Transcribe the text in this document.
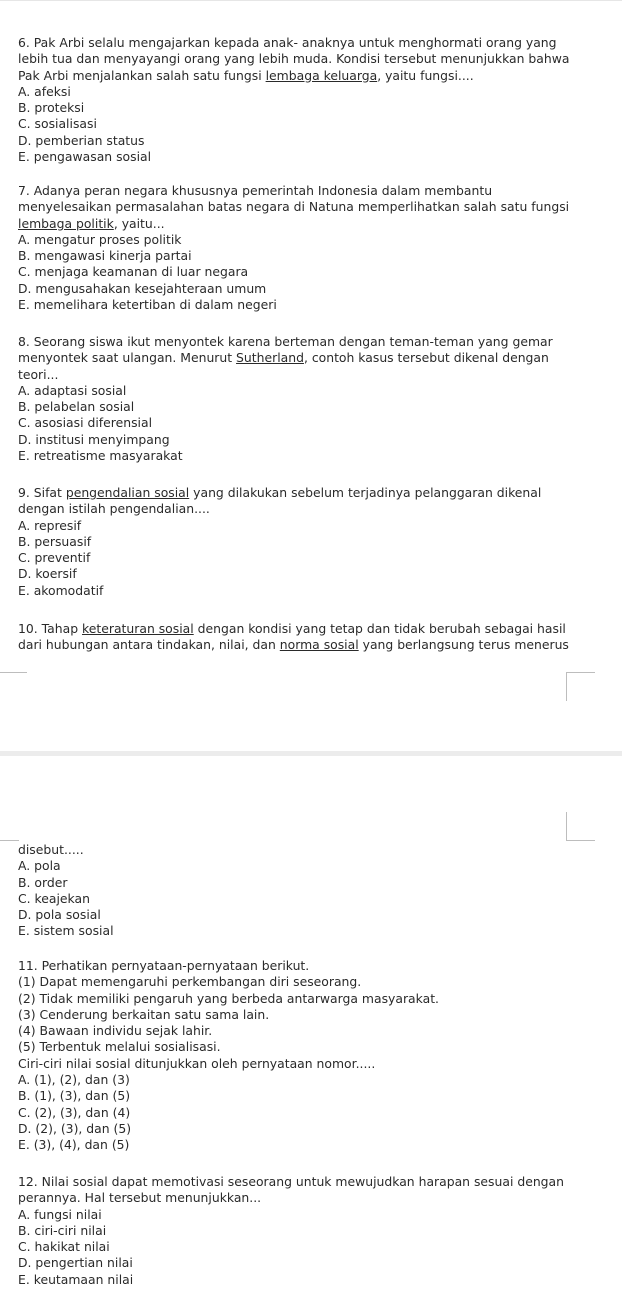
6. Pak Arbi selalu mengajarkan kepada anak- anaknya untuk menghormati orang yang
lebih tua dan menyayangi orang yang lebih muda. Kondisi tersebut menunjukkan bahwa
Pak Arbi menjalankan salah satu fungsi lembaga keluarga, yaitu fungsi....

A. afeksi

B. proteksi

C. sosialisasi

D. pemberian status

E. pengawasan sosial

7. Adanya peran negara khususnya pemerintah Indonesia dalam membantu
menyelesaikan permasalahan batas negara di Natuna memperlihatkan salah satu fungsi
lembaga politik, yaitu...

A. mengatur proses politik

B. mengawasi kinerja partai

C. menjaga keamanan di luar negara

D. mengusahakan kesejahteraan umum

E. memelihara ketertiban di dalam negeri

8. Seorang siswa ikut menyontek karena berteman dengan teman-teman yang gemar
menyontek saat ulangan. Menurut Sutherland, contoh kasus tersebut dikenal dengan
teori...

A. adaptasi sosial

B. pelabelan sosial

C. asosiasi diferensial

D. institusi menyimpang

E. retreatisme masyarakat

9. Sifat pengendalian sosial yang dilakukan sebelum terjadinya pelanggaran dikenal
dengan istilah pengendalian....

A. represif

B. persuasif

C. preventif

D. koersif

E. akomodatif

10. Tahap keteraturan sosial dengan kondisi yang tetap dan tidak berubah sebagai hasil
dari hubungan antara tindakan, nilai, dan norma sosial yang berlangsung terus menerus

disebut.....

A. pola

B. order

C. keajekan

D. pola sosial

E. sistem sosial

11. Perhatikan pernyataan-pernyataan berikut.

(1) Dapat memengaruhi perkembangan diri seseorang.

(2) Tidak memiliki pengaruh yang berbeda antarwarga masyarakat.

(3) Cenderung berkaitan satu sama lain.

(4) Bawaan individu sejak lahir.

(5) Terbentuk melalui sosialisasi.

Ciri-ciri nilai sosial ditunjukkan oleh pernyataan nomor.....

A. (1), (2), dan (3)

B. (1), (3), dan (5)

C. (2), (3), dan (4)

D. (2), (3), dan (5)

E. (3), (4), dan (5)

12. Nilai sosial dapat memotivasi seseorang untuk mewujudkan harapan sesuai dengan
perannya. Hal tersebut menunjukkan...

A. fungsi nilai

B. ciri-ciri nilai

C. hakikat nilai

D. pengertian nilai

E. keutamaan nilai
